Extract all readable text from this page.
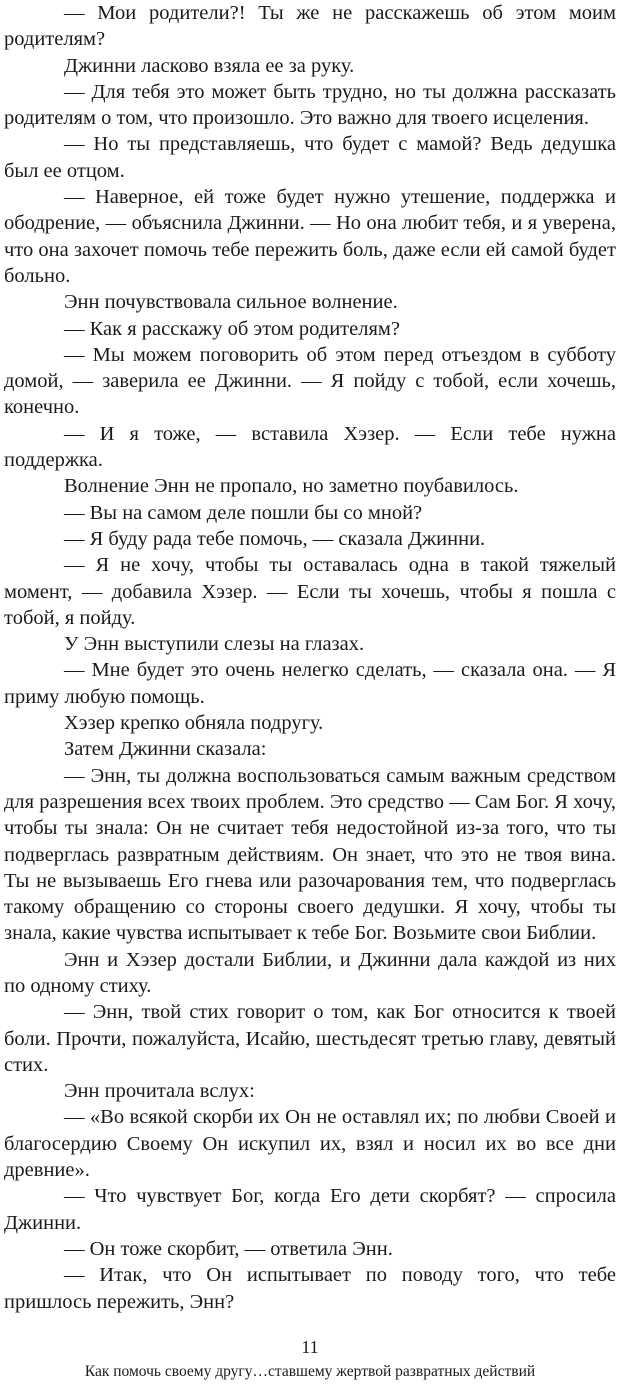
— Мои родители?! Ты же не расскажешь об этом моим родителям?

Джинни ласково взяла ее за руку.

— Для тебя это может быть трудно, но ты должна рассказать родителям о том, что произошло. Это важно для твоего исцеления.

— Но ты представляешь, что будет с мамой? Ведь дедушка был ее отцом.

— Наверное, ей тоже будет нужно утешение, поддержка и ободрение, — объяснила Джинни. — Но она любит тебя, и я уверена, что она захочет помочь тебе пережить боль, даже если ей самой будет больно.

Энн почувствовала сильное волнение.

— Как я расскажу об этом родителям?

— Мы можем поговорить об этом перед отъездом в субботу домой, — заверила ее Джинни. — Я пойду с тобой, если хочешь, конечно.

— И я тоже, — вставила Хэзер. — Если тебе нужна поддержка.

Волнение Энн не пропало, но заметно поубавилось.

— Вы на самом деле пошли бы со мной?

— Я буду рада тебе помочь, — сказала Джинни.

— Я не хочу, чтобы ты оставалась одна в такой тяжелый момент, — добавила Хэзер. — Если ты хочешь, чтобы я пошла с тобой, я пойду.

У Энн выступили слезы на глазах.

— Мне будет это очень нелегко сделать, — сказала она. — Я приму любую помощь.

Хэзер крепко обняла подругу.

Затем Джинни сказала:

— Энн, ты должна воспользоваться самым важным средством для разрешения всех твоих проблем. Это средство — Сам Бог. Я хочу, чтобы ты знала: Он не считает тебя недостойной из-за того, что ты подверглась развратным действиям. Он знает, что это не твоя вина. Ты не вызываешь Его гнева или разочарования тем, что подверглась такому обращению со стороны своего дедушки. Я хочу, чтобы ты знала, какие чувства испытывает к тебе Бог. Возьмите свои Библии.

Энн и Хэзер достали Библии, и Джинни дала каждой из них по одному стиху.

— Энн, твой стих говорит о том, как Бог относится к твоей боли. Прочти, пожалуйста, Исайю, шестьдесят третью главу, девятый стих.

Энн прочитала вслух:

— «Во всякой скорби их Он не оставлял их; по любви Своей и благосердию Своему Он искупил их, взял и носил их во все дни древние».

— Что чувствует Бог, когда Его дети скорбят? — спросила Джинни.

— Он тоже скорбит, — ответила Энн.

— Итак, что Он испытывает по поводу того, что тебе пришлось пережить, Энн?

11
Как помочь своему другу…ставшему жертвой развратных действий
